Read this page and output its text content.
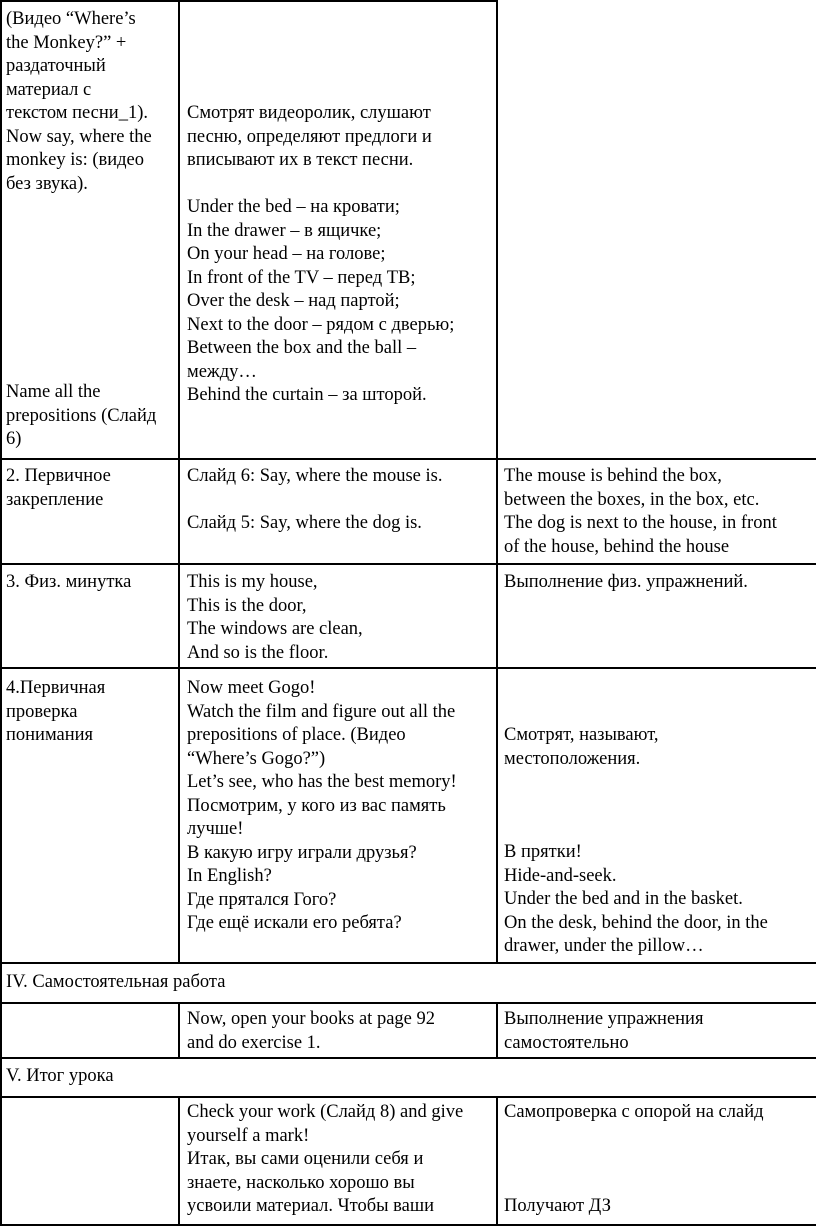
(Видео “Where’s
the Monkey?” +
раздаточный
материал с
текстом песни_1).
Now say, where the
monkey is: (видео
без звука).
Name all the
prepositions (Слайд
6)
Смотрят видеоролик, слушают
песню, определяют предлоги и
вписывают их в текст песни.
Under the bed – на кровати;
In the drawer – в ящичке;
On your head – на голове;
In front of the TV – перед ТВ;
Over the desk – над партой;
Next to the door – рядом с дверью;
Between the box and the ball –
между…
Behind the curtain – за шторой.
2. Первичное
закрепление
Слайд 6: Say, where the mouse is.
Слайд 5: Say, where the dog is.
The mouse is behind the box,
between the boxes, in the box, etc.
The dog is next to the house, in front
of the house, behind the house
3. Физ. минутка	This is my house,
This is the door,
The windows are clean,
And so is the floor.
Выполнение физ. упражнений.
4.Первичная
проверка
понимания
Now meet Gogo!
Watch the film and figure out all the
prepositions of place. (Видео
“Where’s Gogo?”)
Let’s see, who has the best memory!
Посмотрим, у кого из вас память
лучше!
В какую игру играли друзья?
In English?
Где прятался Гого?
Где ещё искали его ребята?
Смотрят, называют,
местоположения.
В прятки!
Hide-and-seek.
Under the bed and in the basket.
On the desk, behind the door, in the
drawer, under the pillow…
IV. Самостоятельная работа
Now, open your books at page 92
and do exercise 1.
Выполнение упражнения
самостоятельно
V. Итог урока
Check your work (Слайд 8) and give
yourself a mark!
Итак, вы сами оценили себя и
знаете, насколько хорошо вы
усвоили материал. Чтобы ваши
Самопроверка с опорой на слайд
Получают ДЗ
